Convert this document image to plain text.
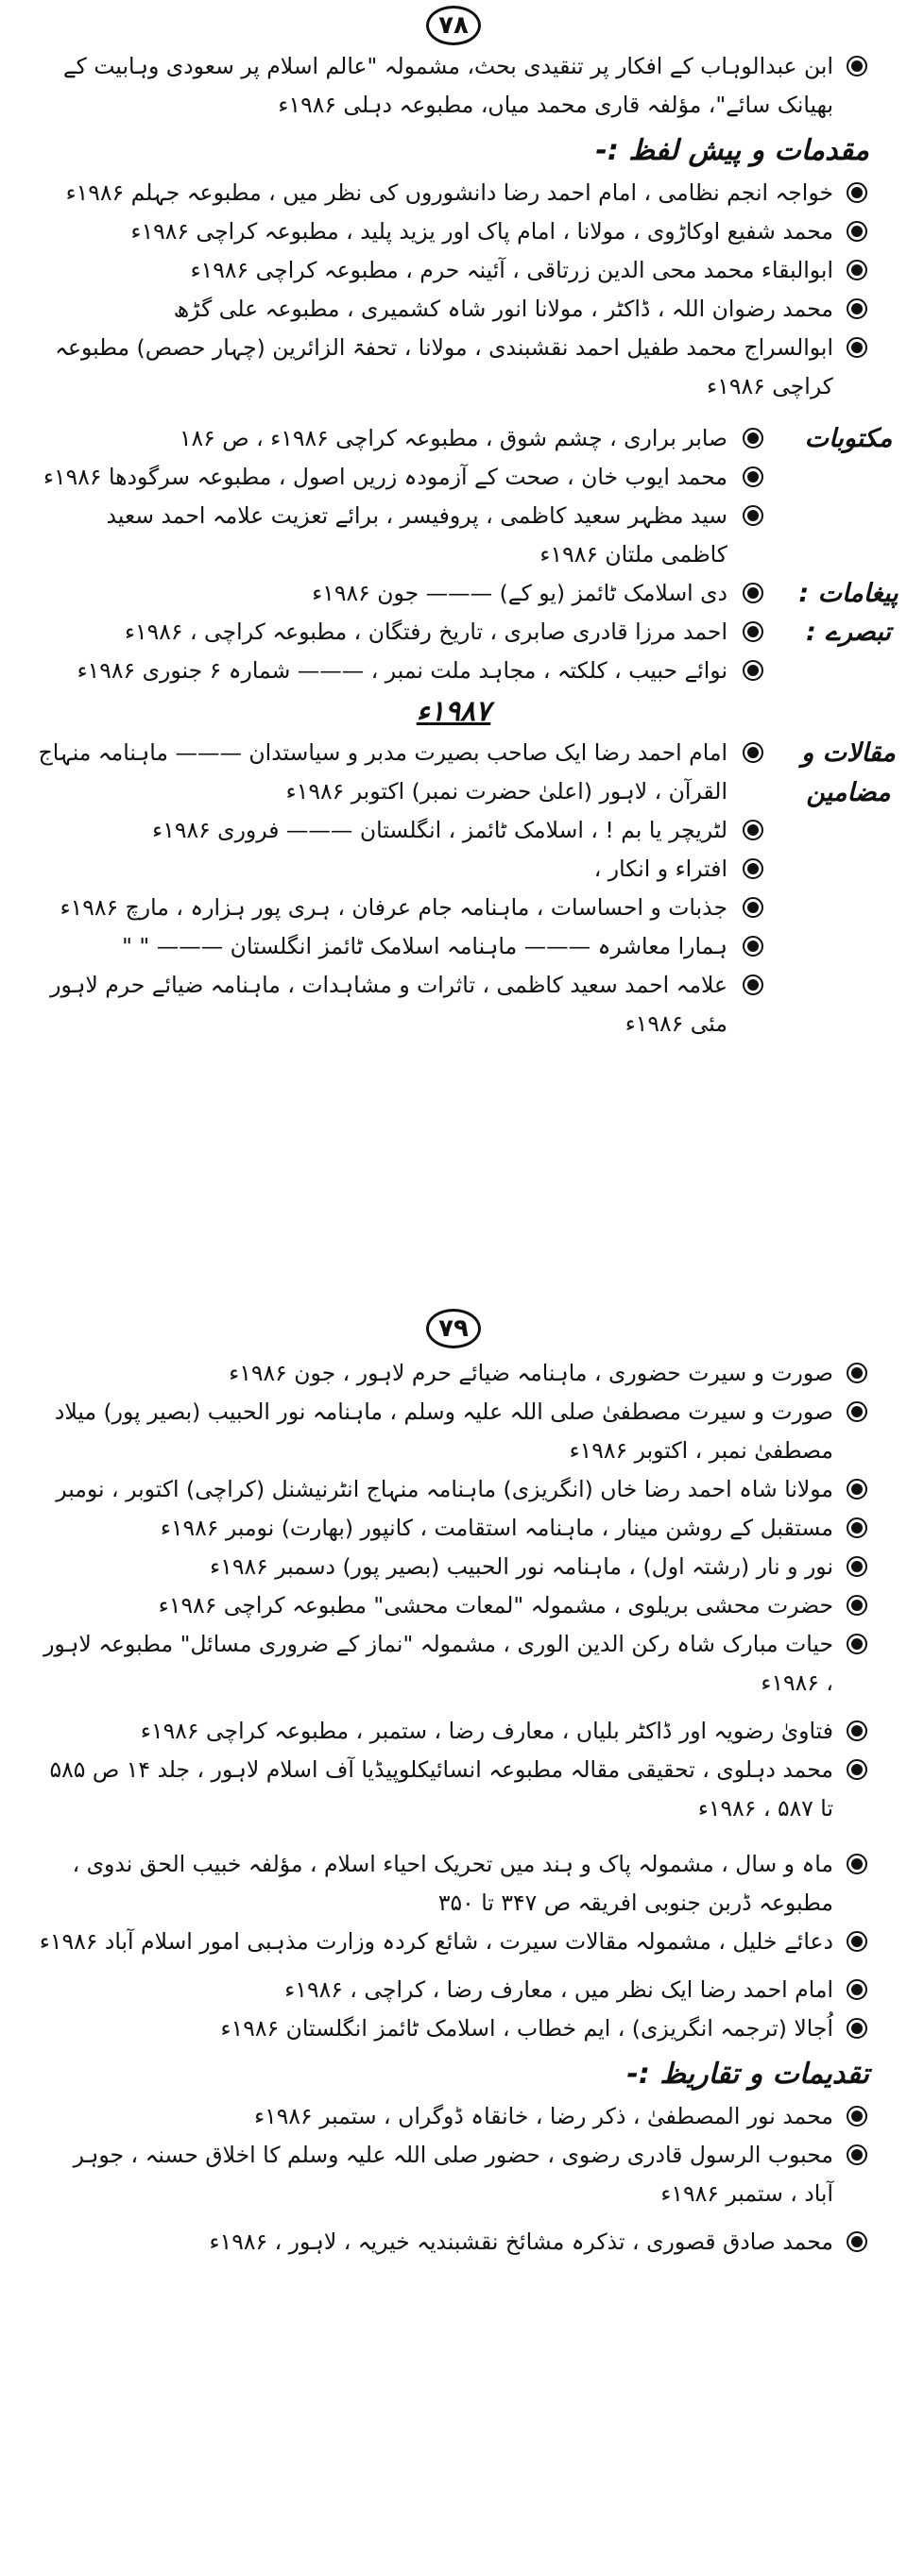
٧٨
ابن عبدالوہاب کے افکار پر تنقیدی بحث، مشمولہ "عالم اسلام پر سعودی وہابیت کے بھیانک سائے"، مؤلفہ قاری محمد میاں، مطبوعہ دہلی ۱۹۸۶ء
مقدمات و پیش لفظ :-
خواجہ انجم نظامی ، امام احمد رضا دانشوروں کی نظر میں ، مطبوعہ جہلم ۱۹۸۶ء
محمد شفیع اوکاڑوی ، مولانا ، امام پاک اور یزید پلید ، مطبوعہ کراچی ۱۹۸۶ء
ابوالبقاء محمد محی الدین زرتاقی ، آئینہ حرم ، مطبوعہ کراچی ۱۹۸۶ء
محمد رضوان اللہ ، ڈاکٹر ، مولانا انور شاہ کشمیری ، مطبوعہ علی گڑھ
ابوالسراج محمد طفیل احمد نقشبندی ، مولانا ، تحفۃ الزائرین (چہار حصص) مطبوعہ کراچی ۱۹۸۶ء
مکتوبات
صابر براری ، چشم شوق ، مطبوعہ کراچی ۱۹۸۶ء ، ص ۱۸۶
محمد ایوب خان ، صحت کے آزمودہ زریں اصول ، مطبوعہ سرگودھا ۱۹۸۶ء
سید مظہر سعید کاظمی ، پروفیسر ، برائے تعزیت علامہ احمد سعید کاظمی ملتان ۱۹۸۶ء
پیغامات :
دی اسلامک ٹائمز (یو کے) ——— جون ۱۹۸۶ء
تبصرے :
احمد مرزا قادری صابری ، تاریخ رفتگان ، مطبوعہ کراچی ، ۱۹۸۶ء
نوائے حبیب ، کلکتہ ، مجاہد ملت نمبر ، ——— شمارہ ۶ جنوری ۱۹۸۶ء
۱۹۸۷ء
مقالات و مضامین
امام احمد رضا ایک صاحب بصیرت مدبر و سیاستدان ——— ماہنامہ منہاج القرآن ، لاہور (اعلیٰ حضرت نمبر) اکتوبر ۱۹۸۶ء
لٹریچر یا بم ! ، اسلامک ٹائمز ، انگلستان ——— فروری ۱۹۸۶ء
افتراء و انکار ،
جذبات و احساسات ، ماہنامہ جام عرفان ، ہری پور ہزارہ ، مارچ ۱۹۸۶ء
ہمارا معاشرہ ——— ماہنامہ اسلامک ٹائمز انگلستان ——— " "
علامہ احمد سعید کاظمی ، تاثرات و مشاہدات ، ماہنامہ ضیائے حرم لاہور مئی ۱۹۸۶ء
٧٩
صورت و سیرت حضوری ، ماہنامہ ضیائے حرم لاہور ، جون ۱۹۸۶ء
صورت و سیرت مصطفیٰ صلی اللہ علیہ وسلم ، ماہنامہ نور الحبیب (بصیر پور) میلاد مصطفیٰ نمبر ، اکتوبر ۱۹۸۶ء
مولانا شاہ احمد رضا خاں (انگریزی) ماہنامہ منہاج انٹرنیشنل (کراچی) اکتوبر ، نومبر
مستقبل کے روشن مینار ، ماہنامہ استقامت ، کانپور (بھارت) نومبر ۱۹۸۶ء
نور و نار (رشتہ اول) ، ماہنامہ نور الحبیب (بصیر پور) دسمبر ۱۹۸۶ء
حضرت محشی بریلوی ، مشمولہ "لمعات محشی" مطبوعہ کراچی ۱۹۸۶ء
حیات مبارک شاہ رکن الدین الوری ، مشمولہ "نماز کے ضروری مسائل" مطبوعہ لاہور ، ۱۹۸۶ء
فتاویٰ رضویہ اور ڈاکٹر بلیاں ، معارف رضا ، ستمبر ، مطبوعہ کراچی ۱۹۸۶ء
محمد دہلوی ، تحقیقی مقالہ مطبوعہ انسائیکلوپیڈیا آف اسلام لاہور ، جلد ۱۴ ص ۵۸۵ تا ۵۸۷ ، ۱۹۸۶ء
ماہ و سال ، مشمولہ پاک و ہند میں تحریک احیاء اسلام ، مؤلفہ خبیب الحق ندوی ، مطبوعہ ڈربن جنوبی افریقہ ص ۳۴۷ تا ۳۵۰
دعائے خلیل ، مشمولہ مقالات سیرت ، شائع کردہ وزارت مذہبی امور اسلام آباد ۱۹۸۶ء
امام احمد رضا ایک نظر میں ، معارف رضا ، کراچی ، ۱۹۸۶ء
اُجالا (ترجمہ انگریزی) ، ایم خطاب ، اسلامک ٹائمز انگلستان ۱۹۸۶ء
تقدیمات و تقاریظ :-
محمد نور المصطفیٰ ، ذکر رضا ، خانقاہ ڈوگراں ، ستمبر ۱۹۸۶ء
محبوب الرسول قادری رضوی ، حضور صلی اللہ علیہ وسلم کا اخلاق حسنہ ، جوہر آباد ، ستمبر ۱۹۸۶ء
محمد صادق قصوری ، تذکرہ مشائخ نقشبندیہ خیریہ ، لاہور ، ۱۹۸۶ء
